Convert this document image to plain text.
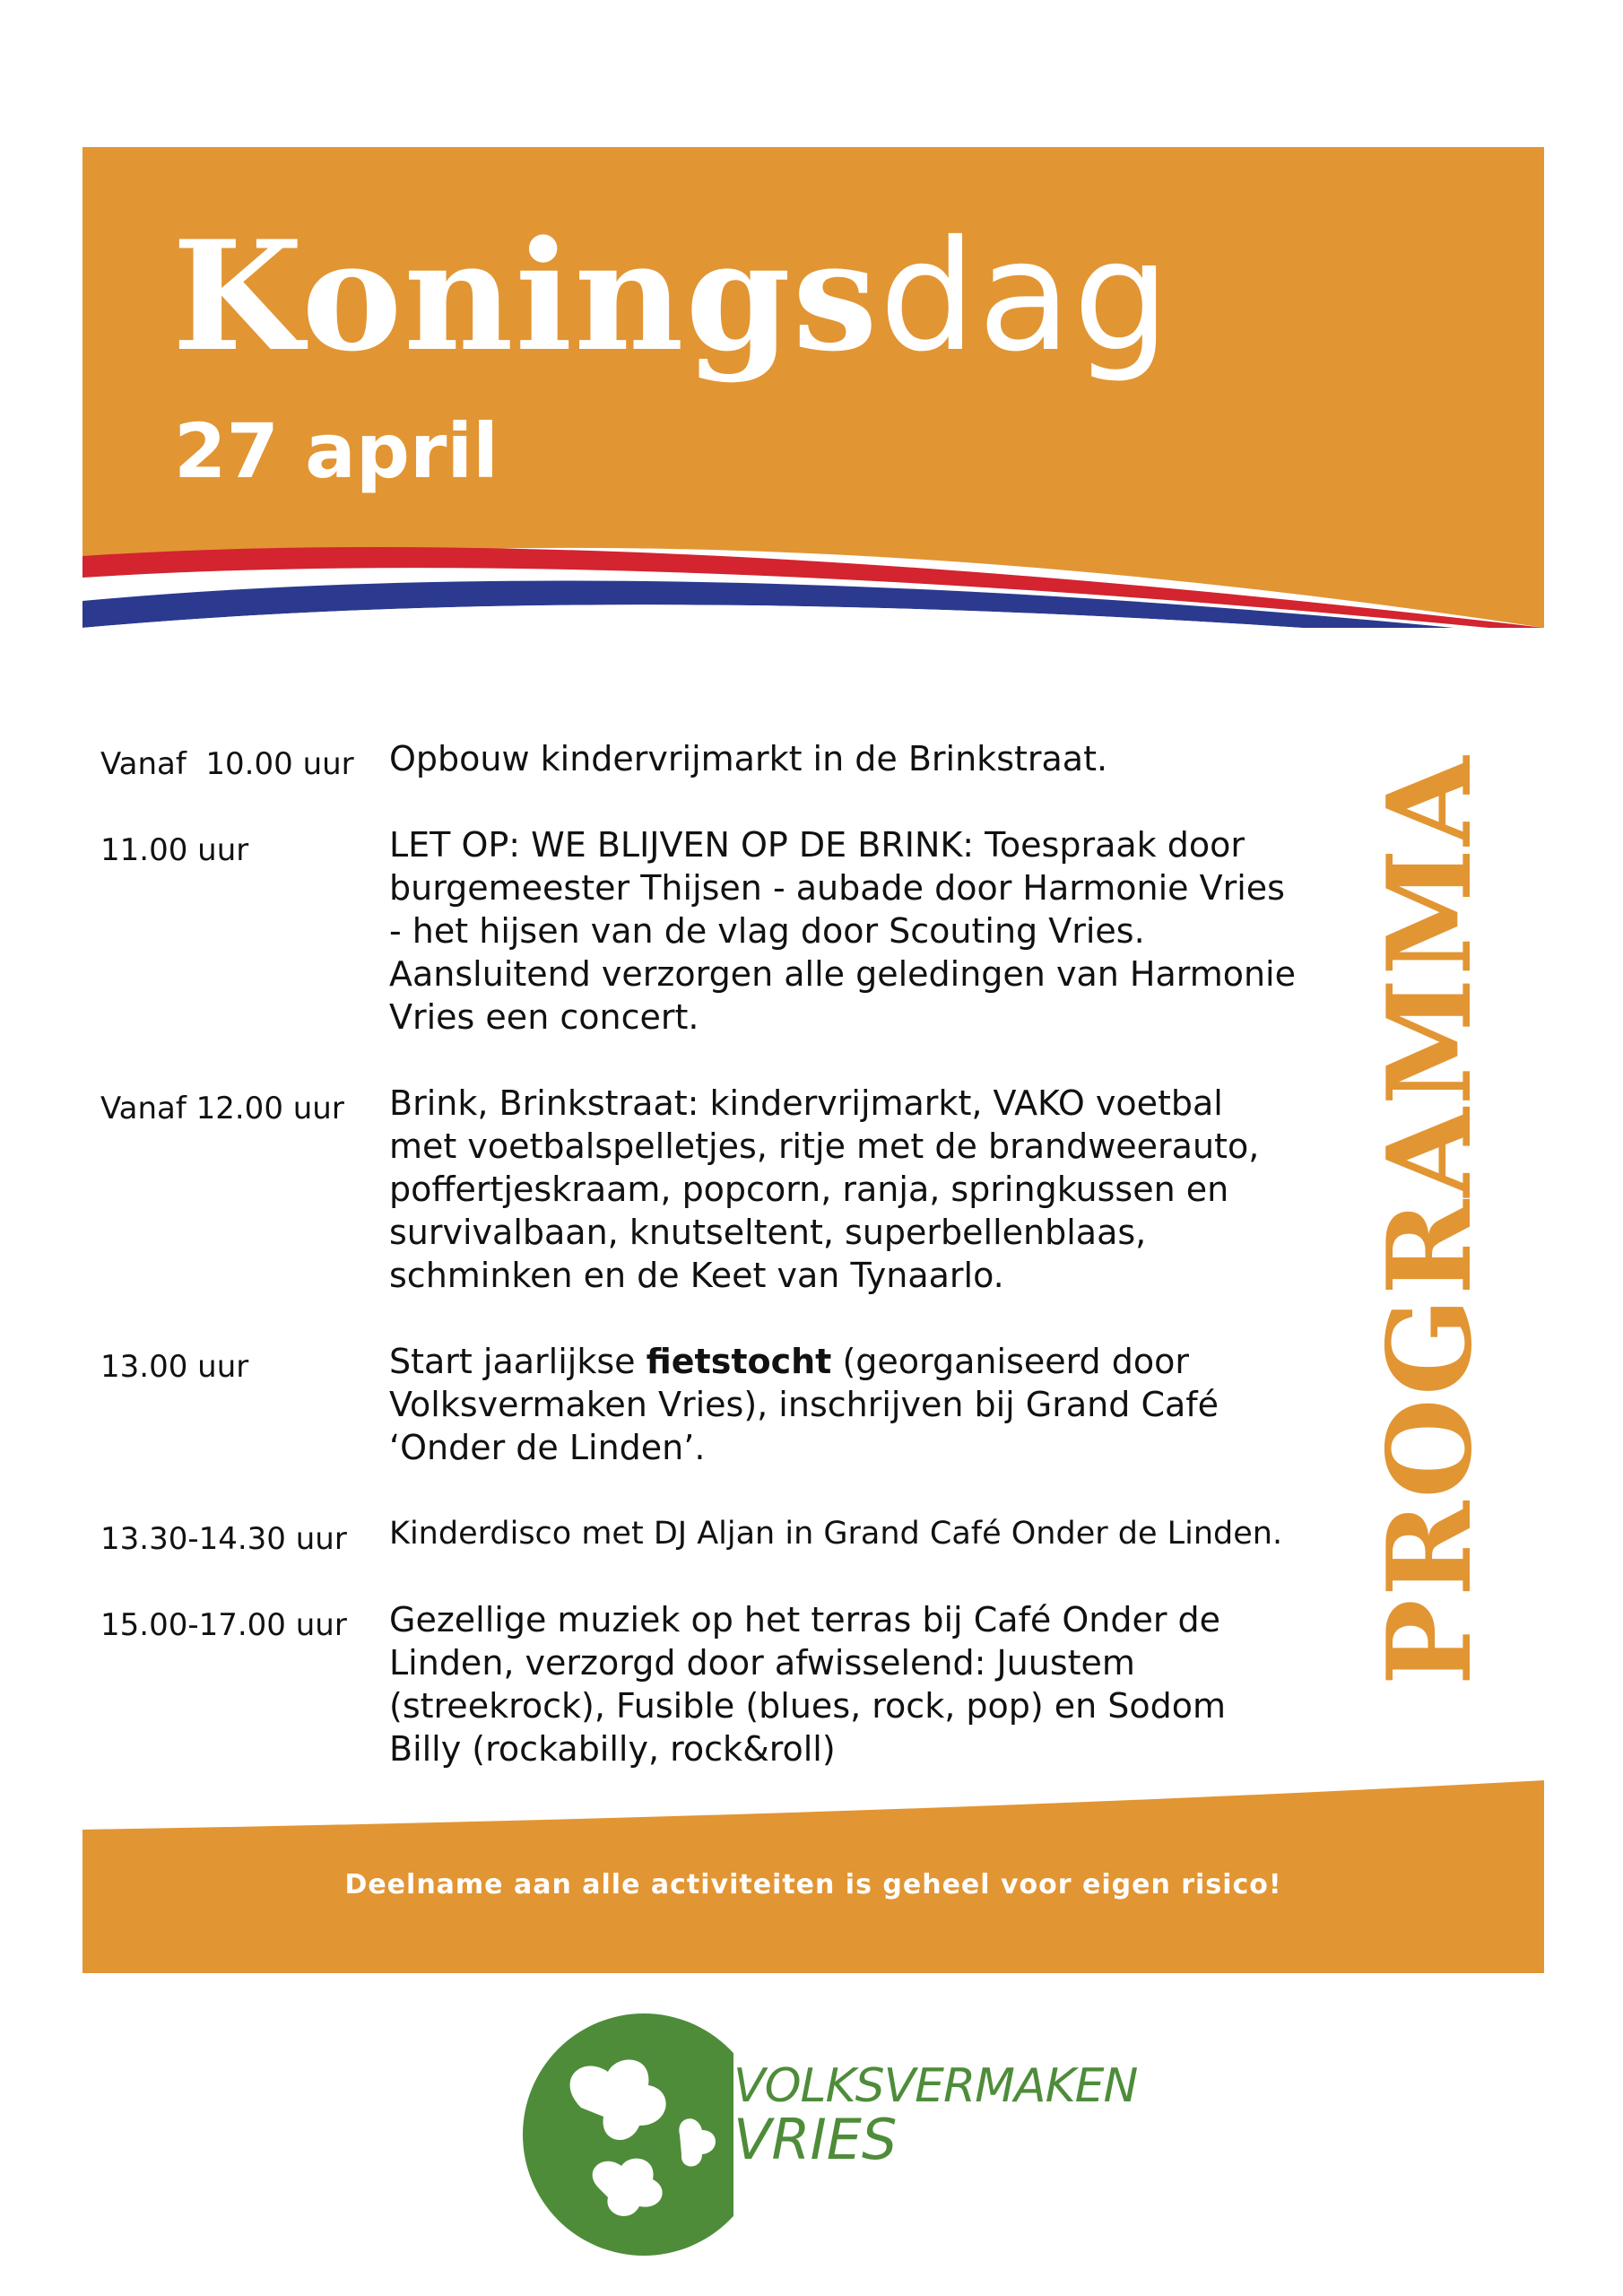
Koningsdag

27 april

PROGRAMMA
Vanaf  10.00 uur	Opbouw kindervrijmarkt in de Brinkstraat.
11.00 uur	LET OP: WE BLIJVEN OP DE BRINK: Toespraak door
burgemeester Thijsen - aubade door Harmonie Vries
- het hijsen van de vlag door Scouting Vries.
Aansluitend verzorgen alle geledingen van Harmonie
Vries een concert.
Vanaf 12.00 uur	Brink, Brinkstraat: kindervrijmarkt, VAKO voetbal
met voetbalspelletjes, ritje met de brandweerauto,
poffertjeskraam, popcorn, ranja, springkussen en
survivalbaan, knutseltent, superbellenblaas,
schminken en de Keet van Tynaarlo.
13.00 uur	Start jaarlijkse fietstocht (georganiseerd door
Volksvermaken Vries), inschrijven bij Grand Café
‘Onder de Linden’.
13.30-14.30 uur	Kinderdisco met DJ Aljan in Grand Café Onder de Linden.
15.00-17.00 uur	Gezellige muziek op het terras bij Café Onder de
Linden, verzorgd door afwisselend: Juustem
(streekrock), Fusible (blues, rock, pop) en Sodom
Billy (rockabilly, rock&roll)
Deelname aan alle activiteiten is geheel voor eigen risico!
VOLKSVERMAKEN
VRIES
